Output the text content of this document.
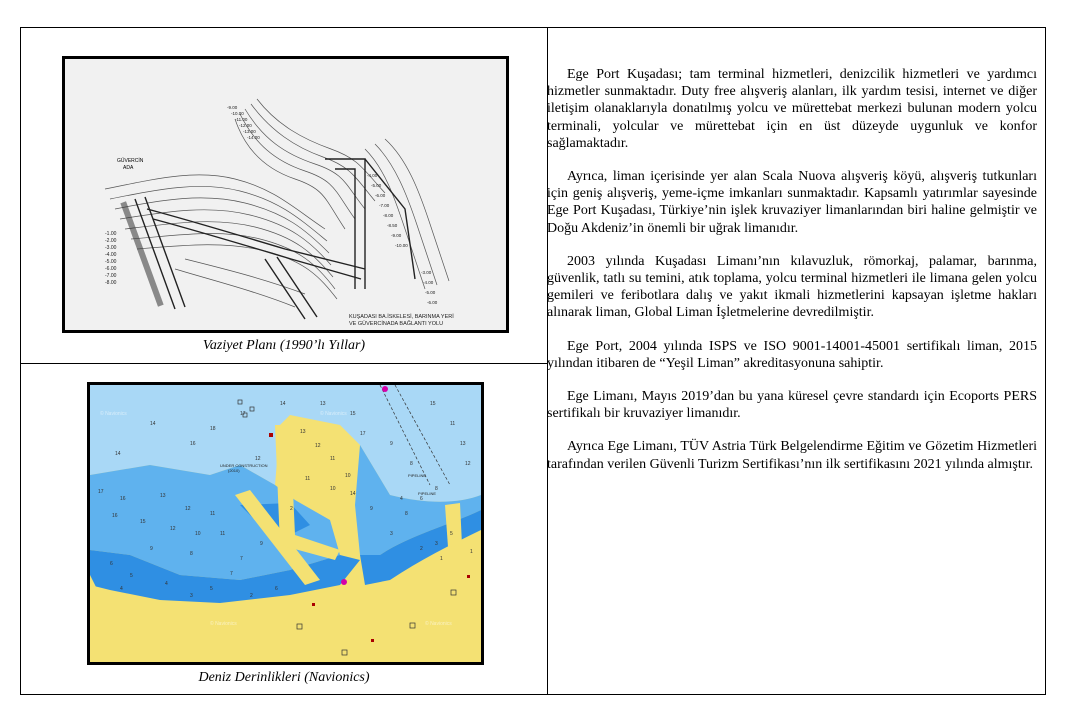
GÜVERCİN
ADA
-1.00
-2.00
-3.00
-4.00
-5.00
-6.00
-7.00
-8.00
-9.00
-10.00
-11.00
-12.00
-13.00
-14.00
-4.00
-5.00
-6.00
-7.00
-8.00
-8.50
-9.00
-10.00
-3.00
-4.00
-5.00
-6.00
KUŞADASI BA.İSKELESİ, BARINMA YERİ
VE GÜVERCİNADA BAĞLANTI YOLU
Vaziyet Planı (1990’lı Yıllar)
14
18
14
17
16	13
12
11
16
15
12
10	11
9
8
7
13
12
11
10
6
5
4
9
8
3
2
1
14
12
16
11
17	15
13
17
15
11
13
12
14
9
8
7
9
6
5
4
3	2
10	8
6
4
2
5
3
1
UNDER CONSTRUCTION
(2010)
PIPELINE
PIPELINE
© Navionics
© Navionics
© Navionics
© Navionics
Deniz Derinlikleri (Navionics)

Ege Port Kuşadası; tam terminal hizmetleri, denizcilik hizmetleri ve yardımcı hizmetler sunmaktadır. Duty free alışveriş alanları, ilk yardım tesisi, internet ve diğer iletişim olanaklarıyla donatılmış yolcu ve mürettebat merkezi bulunan modern yolcu terminali, yolcular ve mürettebat için en üst düzeyde uygunluk ve konfor sağlamaktadır.

Ayrıca, liman içerisinde yer alan Scala Nuova alışveriş köyü, alışveriş tutkunları için geniş alışveriş, yeme-içme imkanları sunmaktadır. Kapsamlı yatırımlar sayesinde Ege Port Kuşadası, Türkiye’nin işlek kruvaziyer limanlarından biri haline gelmiştir ve Doğu Akdeniz’in önemli bir uğrak limanıdır.

2003 yılında Kuşadası Limanı’nın kılavuzluk, römorkaj, palamar, barınma, güvenlik, tatlı su temini, atık toplama, yolcu terminal hizmetleri ile limana gelen yolcu gemileri ve feribotlara dalış ve yakıt ikmali hizmetlerini kapsayan işletme hakları alınarak liman, Global Liman İşletmelerine devredilmiştir.

Ege Port, 2004 yılında ISPS ve ISO 9001-14001-45001 sertifikalı liman, 2015 yılından itibaren de “Yeşil Liman” akreditasyonuna sahiptir.

Ege Limanı, Mayıs 2019’dan bu yana küresel çevre standardı için Ecoports PERS sertifikalı bir kruvaziyer limanıdır.

Ayrıca Ege Limanı, TÜV Astria Türk Belgelendirme Eğitim ve Gözetim Hizmetleri tarafından verilen Güvenli Turizm Sertifikası’nın ilk sertifikasını 2021 yılında almıştır.
